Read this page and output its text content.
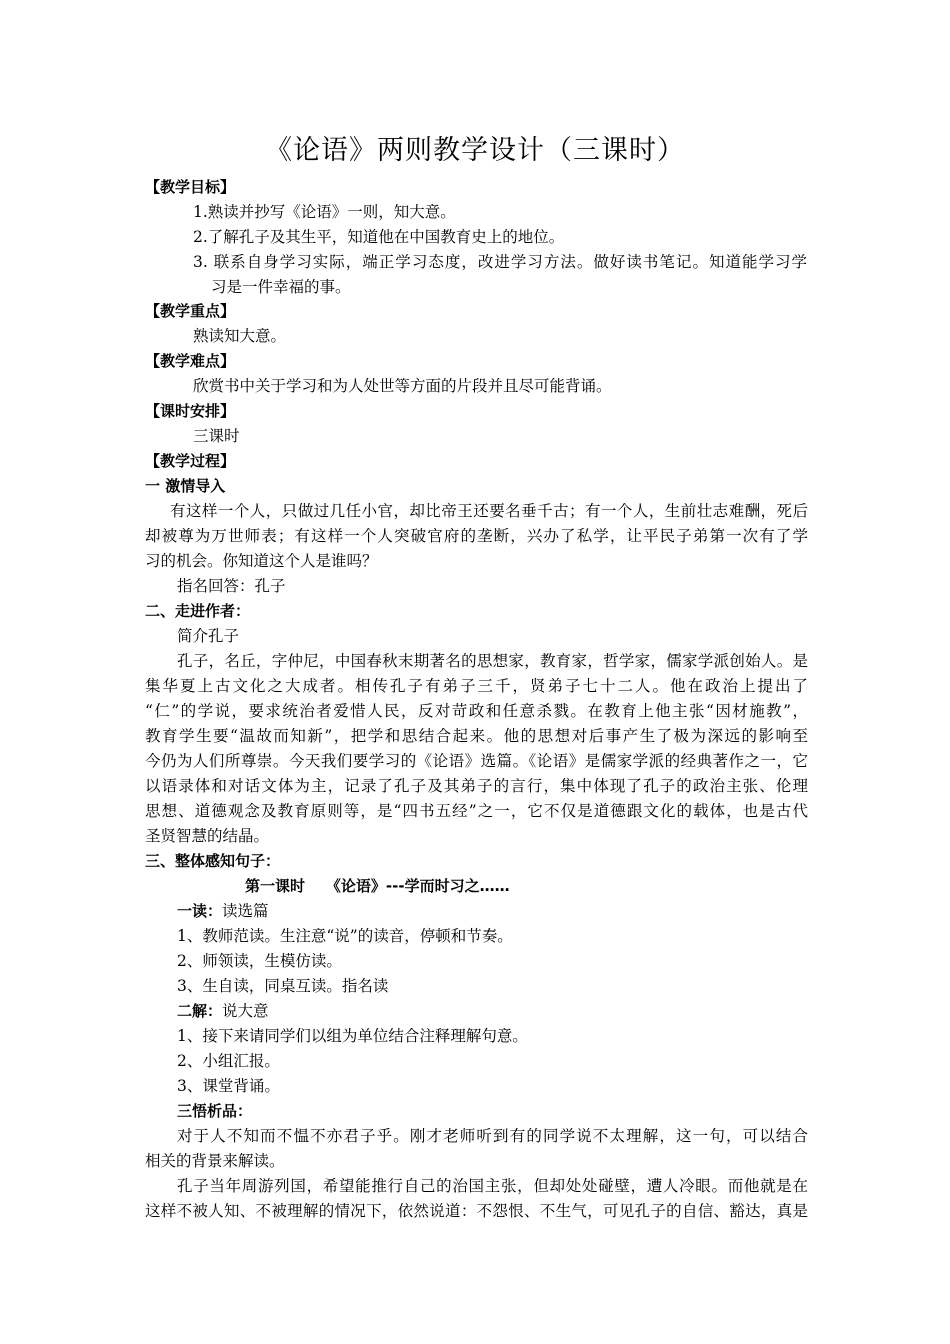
《论语》两则教学设计（三课时）
【教学目标】
1.熟读并抄写《论语》一则，知大意。
2.了解孔子及其生平，知道他在中国教育史上的地位。
3. 联系自身学习实际，端正学习态度，改进学习方法。做好读书笔记。知道能学习学
习是一件幸福的事。
【教学重点】
熟读知大意。
【教学难点】
欣赏书中关于学习和为人处世等方面的片段并且尽可能背诵。
【课时安排】
三课时
【教学过程】
一 激情导入
有这样一个人，只做过几任小官，却比帝王还要名垂千古；有一个人，生前壮志难酬，死后
却被尊为万世师表；有这样一个人突破官府的垄断，兴办了私学，让平民子弟第一次有了学
习的机会。你知道这个人是谁吗？
指名回答：孔子
二、走进作者：
简介孔子
孔子，名丘，字仲尼，中国春秋末期著名的思想家，教育家，哲学家，儒家学派创始人。是
集华夏上古文化之大成者。相传孔子有弟子三千，贤弟子七十二人。他在政治上提出了
“仁”的学说，要求统治者爱惜人民，反对苛政和任意杀戮。在教育上他主张“因材施教”，
教育学生要“温故而知新”，把学和思结合起来。他的思想对后事产生了极为深远的影响至
今仍为人们所尊崇。今天我们要学习的《论语》选篇。《论语》是儒家学派的经典著作之一，它
以语录体和对话文体为主，记录了孔子及其弟子的言行，集中体现了孔子的政治主张、伦理
思想、道德观念及教育原则等，是“四书五经”之一，它不仅是道德跟文化的载体，也是古代
圣贤智慧的结晶。
三、整体感知句子：
第一课时    《论语》---学而时习之……
一读：读选篇
1、教师范读。生注意“说”的读音，停顿和节奏。
2、师领读，生模仿读。
3、生自读，同桌互读。指名读
二解：说大意
1、接下来请同学们以组为单位结合注释理解句意。
2、小组汇报。
3、课堂背诵。
三悟析品：
对于人不知而不愠不亦君子乎。刚才老师听到有的同学说不太理解，这一句，可以结合
相关的背景来解读。
孔子当年周游列国，希望能推行自己的治国主张，但却处处碰壁，遭人冷眼。而他就是在
这样不被人知、不被理解的情况下，依然说道：不怨恨、不生气，可见孔子的自信、豁达，真是
